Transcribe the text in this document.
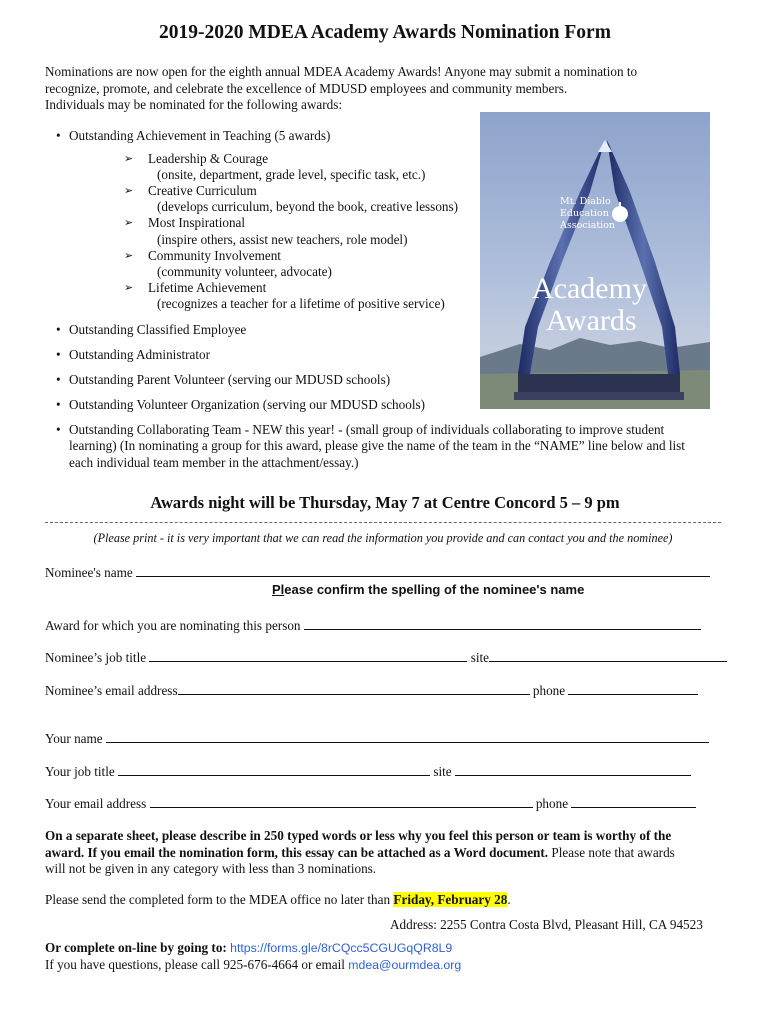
2019-2020 MDEA Academy Awards Nomination Form
Nominations are now open for the eighth annual MDEA Academy Awards! Anyone may submit a nomination to
recognize, promote, and celebrate the excellence of MDUSD employees and community members.
Individuals may be nominated for the following awards:
• Outstanding Achievement in Teaching (5 awards)
➢ Leadership & Courage
(onsite, department, grade level, specific task, etc.)
➢ Creative Curriculum
(develops curriculum, beyond the book, creative lessons)
➢ Most Inspirational
(inspire others, assist new teachers, role model)
➢ Community Involvement
(community volunteer, advocate)
➢ Lifetime Achievement
(recognizes a teacher for a lifetime of positive service)
• Outstanding Classified Employee
• Outstanding Administrator
• Outstanding Parent Volunteer (serving our MDUSD schools)
• Outstanding Volunteer Organization (serving our MDUSD schools)
• Outstanding Collaborating Team - NEW this year! - (small group of individuals collaborating to improve student
learning) (In nominating a group for this award, please give the name of the team in the “NAME” line below and list
each individual team member in the attachment/essay.)
Mt. Diablo
Education
Association
Academy
Awards
Awards night will be Thursday, May 7 at Centre Concord 5 – 9 pm
(Please print - it is very important that we can read the information you provide and can contact you and the nominee)
Nominee's name
Please confirm the spelling of the nominee's name
Award for which you are nominating this person
Nominee’s job title	site
Nominee’s email address	phone
Your name
Your job title	site
Your email address	phone
On a separate sheet, please describe in 250 typed words or less why you feel this person or team is worthy of the
award. If you email the nomination form, this essay can be attached as a Word document. Please note that awards
will not be given in any category with less than 3 nominations.
Please send the completed form to the MDEA office no later than Friday, February 28.
Address: 2255 Contra Costa Blvd, Pleasant Hill, CA 94523
Or complete on-line by going to: https://forms.gle/8rCQcc5CGUGqQR8L9
If you have questions, please call 925-676-4664 or email mdea@ourmdea.org
